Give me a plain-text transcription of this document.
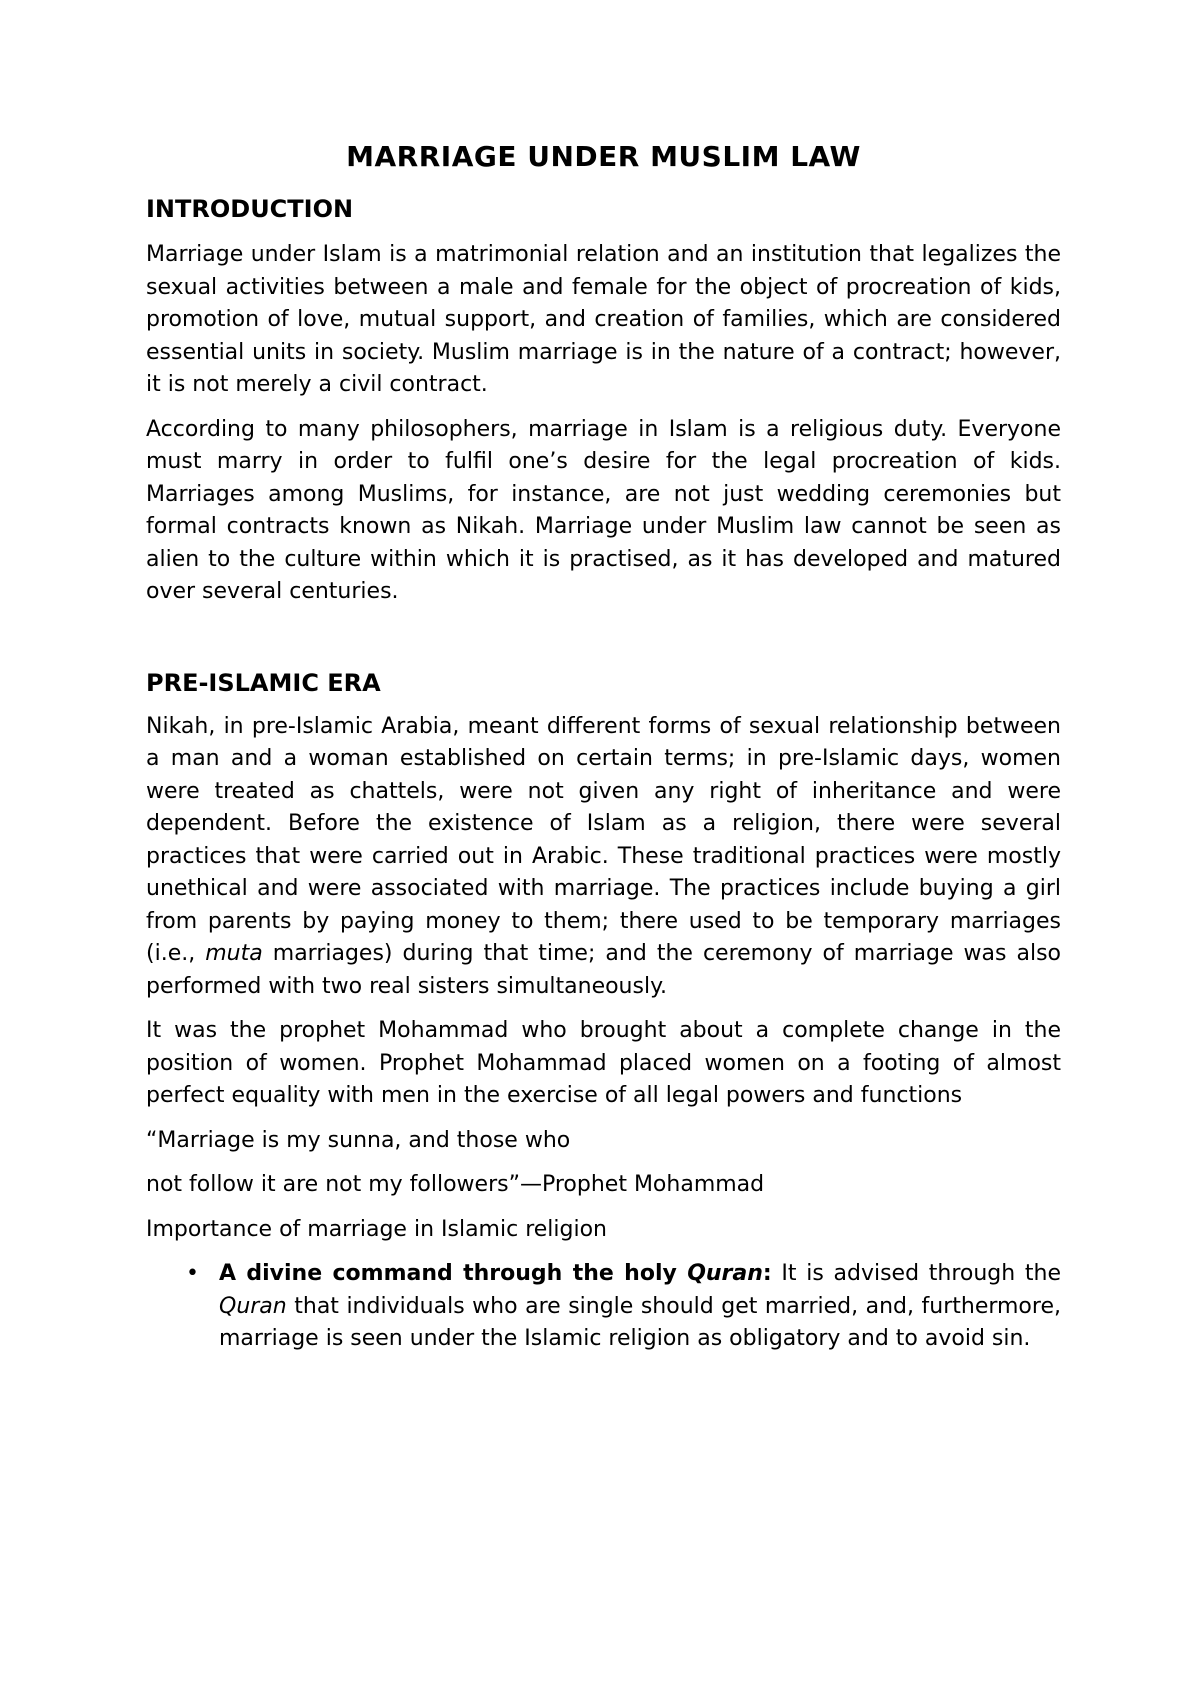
MARRIAGE UNDER MUSLIM LAW
INTRODUCTION

Marriage under Islam is a matrimonial relation and an institution that legalizes the sexual activities between a male and female for the object of procreation of kids, promotion of love, mutual support, and creation of families, which are considered essential units in society. Muslim marriage is in the nature of a contract; however, it is not merely a civil contract.

According to many philosophers, marriage in Islam is a religious duty. Everyone must marry in order to fulfil one’s desire for the legal procreation of kids. Marriages among Muslims, for instance, are not just wedding ceremonies but formal contracts known as Nikah. Marriage under Muslim law cannot be seen as alien to the culture within which it is practised, as it has developed and matured over several centuries.

PRE-ISLAMIC ERA

Nikah, in pre-Islamic Arabia, meant different forms of sexual relationship between a man and a woman established on certain terms; in pre-Islamic days, women were treated as chattels, were not given any right of inheritance and were dependent. Before the existence of Islam as a religion, there were several practices that were carried out in Arabic. These traditional practices were mostly unethical and were associated with marriage. The practices include buying a girl from parents by paying money to them; there used to be temporary marriages (i.e., muta marriages) during that time; and the ceremony of marriage was also performed with two real sisters simultaneously.

It was the prophet Mohammad who brought about a complete change in the position of women. Prophet Mohammad placed women on a footing of almost perfect equality with men in the exercise of all legal powers and functions

“Marriage is my sunna, and those who

not follow it are not my followers”—Prophet Mohammad

Importance of marriage in Islamic religion

• A divine command through the holy Quran: It is advised through the Quran that individuals who are single should get married, and, furthermore, marriage is seen under the Islamic religion as obligatory and to avoid sin.
